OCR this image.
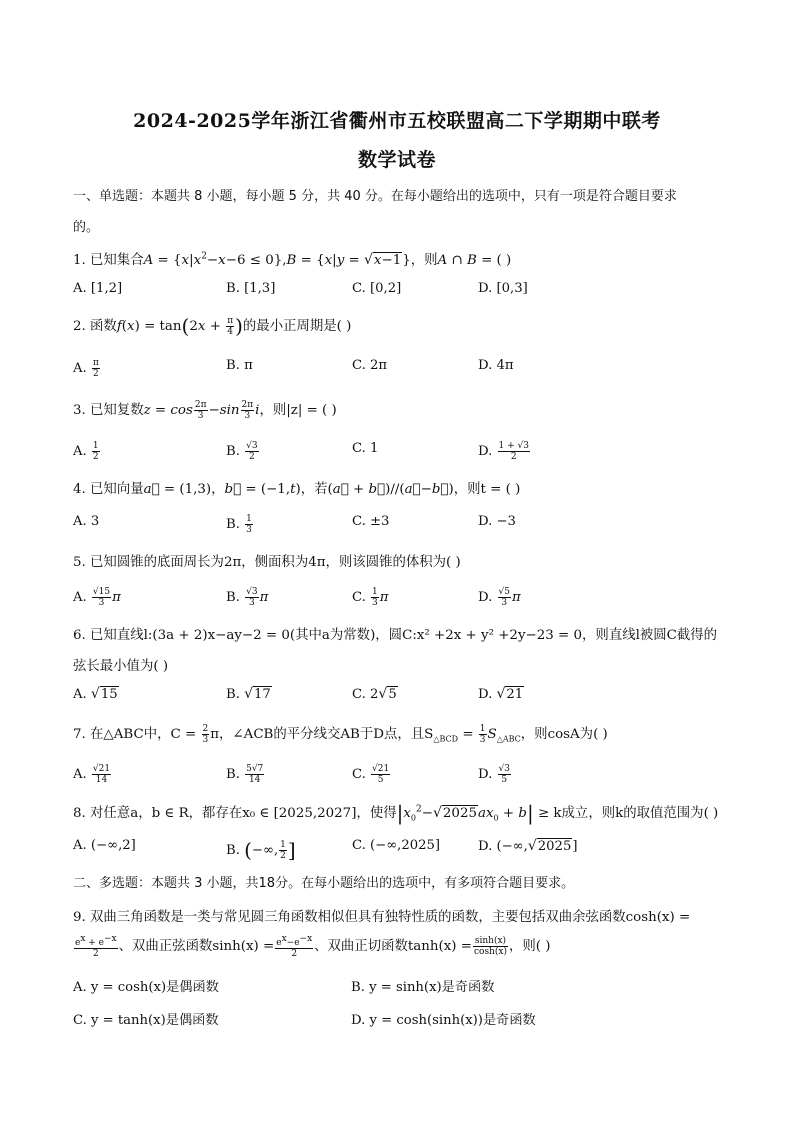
2024-2025学年浙江省衢州市五校联盟高二下学期期中联考
数学试卷
一、单选题：本题共 8 小题，每小题 5 分，共 40 分。在每小题给出的选项中，只有一项是符合题目要求
的。
1. 已知集合$A = \{x|x^2-x-6 \le 0\},B = \{x|y = √x-1\}$，则A ∩ B = ( )
A. [1,2]	B. [1,3]	C. [0,2]	D. [0,3]
2. 函数$f(x) = \tan(2x + \frac{\pi}{4}$ )的最小正周期是( )
A. $\frac{\pi}{2}$	B. π	C. 2π	D. 4π
3. 已知复数$z = \cos \frac{2\pi}{3} -\sin \frac{2\pi}{3}$ i，则|z| = ( )
A. $\frac{1}{2}$	B. $\frac{√3}{2}$	C. 1	D. $\frac{1 + √3}{2}$
4. 已知向量a⃗ = (1,3)，b⃗ = (−1,t)，若(a⃗ + b⃗)//(a⃗−b⃗)，则t = ( )
A. 3	B. $\frac{1}{3}$	C. ±3	D. −3
5. 已知圆锥的底面周长为2π，侧面积为4π，则该圆锥的体积为( )
A. $\frac{√15}{3}$ π	B. $\frac{√3}{3}$ π	C. $\frac{1}{3}$ π	D. $\frac{√5}{3}$ π
6. 已知直线l:(3a + 2)x−ay−2 = 0(其中a为常数)，圆C:x² +2x + y² +2y−23 = 0，则直线l被圆C截得的
弦长最小值为( )
A. √15	B. √17	C. 2√5	D. √21
7. 在△ABC中，$C = \frac{2}{3}$ π，∠ACB的平分线交AB于D点，且$S_{\triangle BCD} = \frac{1}{3} S_{\triangle ABC}$，则cosA为( )
A. $\frac{√21}{14}$	B. $\frac{5√7}{14}$	C. $\frac{√21}{5}$	D. $\frac{√3}{5}$
8. 对任意a，b ∈ R，都存在x₀ ∈ [2025,2027]，使得$|x_0^2-√2025ax_0 + b| \ge k$成立，则k的取值范围为( )
A. (−∞,2]	B. (−∞, $\frac{1}{2}$ ]	C. (−∞,2025]	D. (−∞,√2025]
二、多选题：本题共 3 小题，共18分。在每小题给出的选项中，有多项符合题目要求。
9. 双曲三角函数是一类与常见圆三角函数相似但具有独特性质的函数，主要包括双曲余弦函数cosh(x) =
$\frac{ex + e-x}{2}$ 、双曲正弦函数$\sinh(x) = \frac{ex-e-x}{2}$ 、双曲正切函数$\tanh(x) = \frac{\sinh(x)}{\cosh(x)}$ ，则( )
A. y = cosh(x)是偶函数	B. y = sinh(x)是奇函数
C. y = tanh(x)是偶函数	D. y = cosh(sinh(x))是奇函数
